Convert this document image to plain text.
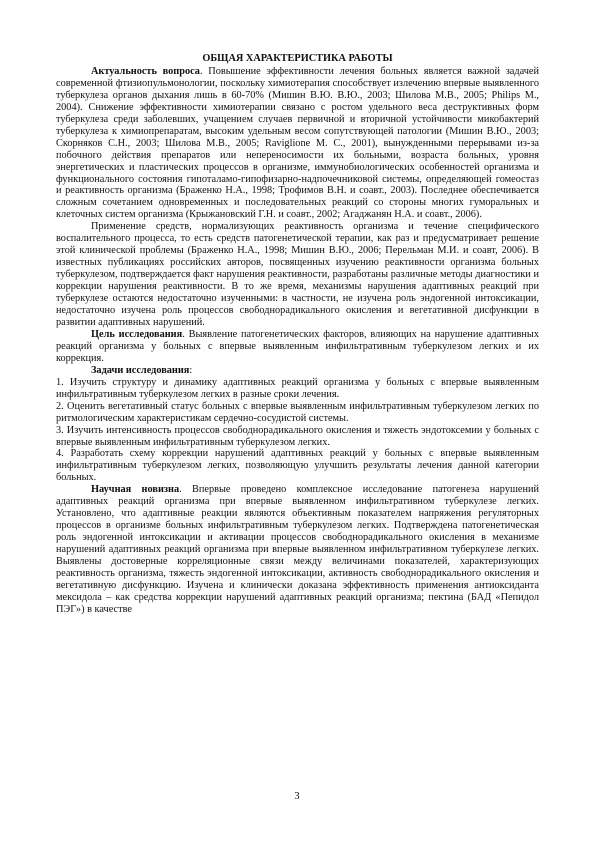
ОБЩАЯ ХАРАКТЕРИСТИКА РАБОТЫ

Актуальность вопроса. Повышение эффективности лечения больных является важной задачей современной фтизиопульмонологии, поскольку химиотерапия способствует излечению впервые выявленного туберкулеза органов дыхания лишь в 60-70% (Мишин В.Ю. В.Ю., 2003; Шилова М.В., 2005; Philips M., 2004). Снижение эффективности химиотерапии связано с ростом удельного веса деструктивных форм туберкулеза среди заболевших, учащением случаев первичной и вторичной устойчивости микобактерий туберкулеза к химиопрепаратам, высоким удельным весом сопутствующей патологии (Мишин В.Ю., 2003; Скорняков С.Н., 2003; Шилова М.В., 2005; Raviglione M. C., 2001), вынужденными перерывами из-за побочного действия препаратов или непереносимости их больными, возраста больных, уровня энергетических и пластических процессов в организме, иммунобиологических особенностей организма и функционального состояния гипоталамо-гипофизарно-надпочечниковой системы, определяющей гомеостаз и реактивность организма (Браженко Н.А., 1998; Трофимов В.Н. и соавт., 2003). Последнее обеспечивается сложным сочетанием одновременных и последовательных реакций со стороны многих гуморальных и клеточных систем организма (Крыжановский Г.Н. и соавт., 2002; Агаджанян Н.А. и соавт., 2006).

Применение средств, нормализующих реактивность организма и течение специфического воспалительного процесса, то есть средств патогенетической терапии, как раз и предусматривает решение этой клинической проблемы (Браженко Н.А., 1998; Мишин В.Ю., 2006; Перельман М.И. и соавт, 2006). В известных публикациях российских авторов, посвященных изучению реактивности организма больных туберкулезом, подтверждается факт нарушения реактивности, разработаны различные методы диагностики и коррекции нарушения реактивности. В то же время, механизмы нарушения адаптивных реакций при туберкулезе остаются недостаточно изученными: в частности, не изучена роль эндогенной интоксикации, недостаточно изучена роль процессов свободнорадикального окисления и вегетативной дисфункции в развитии адаптивных нарушений.

Цель исследования. Выявление патогенетических факторов, влияющих на нарушение адаптивных реакций организма у больных с впервые выявленным инфильтративным туберкулезом легких и их коррекция.

Задачи исследования:

1. Изучить структуру и динамику адаптивных реакций организма у больных с впервые выявленным инфильтративным туберкулезом легких в разные сроки лечения.

2. Оценить вегетативный статус больных с впервые выявленным инфильтративным туберкулезом легких по ритмологическим характеристикам сердечно-сосудистой системы.

3. Изучить интенсивность процессов свободнорадикального окисления и тяжесть эндотоксемии у больных с впервые выявленным инфильтративным туберкулезом легких.

4. Разработать схему коррекции нарушений адаптивных реакций у больных с впервые выявленным инфильтративным туберкулезом легких, позволяющую улучшить результаты лечения данной категории больных.

Научная новизна. Впервые проведено комплексное исследование патогенеза нарушений адаптивных реакций организма при впервые выявленном инфильтративном туберкулезе легких. Установлено, что адаптивные реакции являются объективным показателем напряжения регуляторных процессов в организме больных инфильтративным туберкулезом легких. Подтверждена патогенетическая роль эндогенной интоксикации и активации процессов свободнорадикального окисления в механизме нарушений адаптивных реакций организма при впервые выявленном инфильтративном туберкулезе легких. Выявлены достоверные корреляционные связи между величинами показателей, характеризующих реактивность организма, тяжесть эндогенной интоксикации, активность свободнорадикального окисления и вегетативную дисфункцию. Изучена и клинически доказана эффективность применения антиоксиданта мексидола – как средства коррекции нарушений адаптивных реакций организма; пектина (БАД «Пепидол ПЭГ») в качестве

3
